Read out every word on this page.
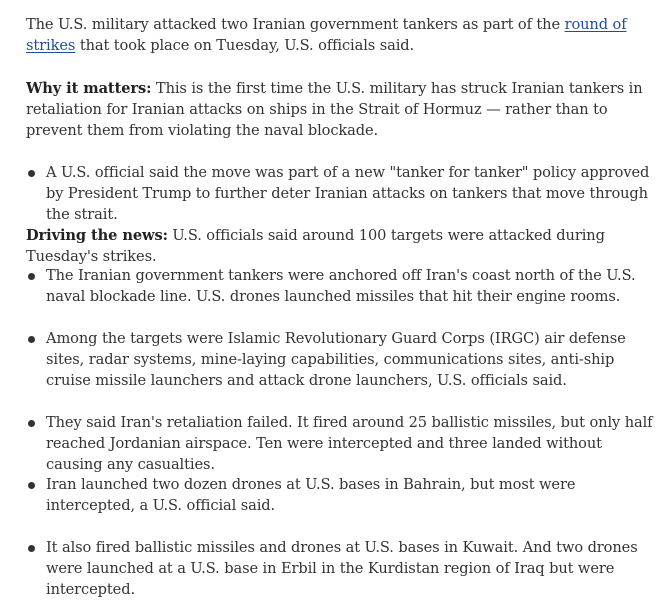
The U.S. military attacked two Iranian government tankers as part of the round of strikes that took place on Tuesday, U.S. officials said.

Why it matters: This is the first time the U.S. military has struck Iranian tankers in retaliation for Iranian attacks on ships in the Strait of Hormuz — rather than to prevent them from violating the naval blockade.

A U.S. official said the move was part of a new "tanker for tanker" policy approved by President Trump to further deter Iranian attacks on tankers that move through the strait.

Driving the news: U.S. officials said around 100 targets were attacked during Tuesday's strikes.

The Iranian government tankers were anchored off Iran's coast north of the U.S. naval blockade line. U.S. drones launched missiles that hit their engine rooms.
Among the targets were Islamic Revolutionary Guard Corps (IRGC) air defense sites, radar systems, mine-laying capabilities, communications sites, anti-ship cruise missile launchers and attack drone launchers, U.S. officials said.
They said Iran's retaliation failed. It fired around 25 ballistic missiles, but only half reached Jordanian airspace. Ten were intercepted and three landed without causing any casualties.
Iran launched two dozen drones at U.S. bases in Bahrain, but most were intercepted, a U.S. official said.
It also fired ballistic missiles and drones at U.S. bases in Kuwait. And two drones were launched at a U.S. base in Erbil in the Kurdistan region of Iraq but were intercepted.
